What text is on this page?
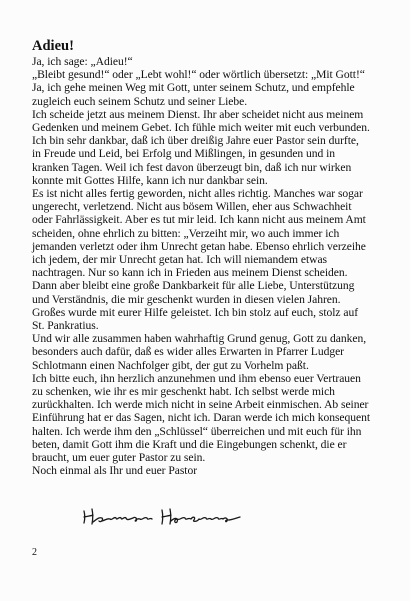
Adieu!
Ja, ich sage: „Adieu!“
„Bleibt gesund!“ oder „Lebt wohl!“ oder wörtlich übersetzt: „Mit Gott!“
Ja, ich gehe meinen Weg mit Gott, unter seinem Schutz, und empfehle
zugleich euch seinem Schutz und seiner Liebe.
Ich scheide jetzt aus meinem Dienst. Ihr aber scheidet nicht aus meinem
Gedenken und meinem Gebet. Ich fühle mich weiter mit euch verbunden.
Ich bin sehr dankbar, daß ich über dreißig Jahre euer Pastor sein durfte,
in Freude und Leid, bei Erfolg und Mißlingen, in gesunden und in
kranken Tagen. Weil ich fest davon überzeugt bin, daß ich nur wirken
konnte mit Gottes Hilfe, kann ich nur dankbar sein.
Es ist nicht alles fertig geworden, nicht alles richtig. Manches war sogar
ungerecht, verletzend. Nicht aus bösem Willen, eher aus Schwachheit
oder Fahrlässigkeit. Aber es tut mir leid. Ich kann nicht aus meinem Amt
scheiden, ohne ehrlich zu bitten: „Verzeiht mir, wo auch immer ich
jemanden verletzt oder ihm Unrecht getan habe. Ebenso ehrlich verzeihe
ich jedem, der mir Unrecht getan hat. Ich will niemandem etwas
nachtragen. Nur so kann ich in Frieden aus meinem Dienst scheiden.
Dann aber bleibt eine große Dankbarkeit für alle Liebe, Unterstützung
und Verständnis, die mir geschenkt wurden in diesen vielen Jahren.
Großes wurde mit eurer Hilfe geleistet. Ich bin stolz auf euch, stolz auf
St. Pankratius.
Und wir alle zusammen haben wahrhaftig Grund genug, Gott zu danken,
besonders auch dafür, daß es wider alles Erwarten in Pfarrer Ludger
Schlotmann einen Nachfolger gibt, der gut zu Vorhelm paßt.
Ich bitte euch, ihn herzlich anzunehmen und ihm ebenso euer Vertrauen
zu schenken, wie ihr es mir geschenkt habt. Ich selbst werde mich
zurückhalten. Ich werde mich nicht in seine Arbeit einmischen. Ab seiner
Einführung hat er das Sagen, nicht ich. Daran werde ich mich konsequent
halten. Ich werde ihm den „Schlüssel“ überreichen und mit euch für ihn
beten, damit Gott ihm die Kraft und die Eingebungen schenkt, die er
braucht, um euer guter Pastor zu sein.
Noch einmal als Ihr und euer Pastor
2
